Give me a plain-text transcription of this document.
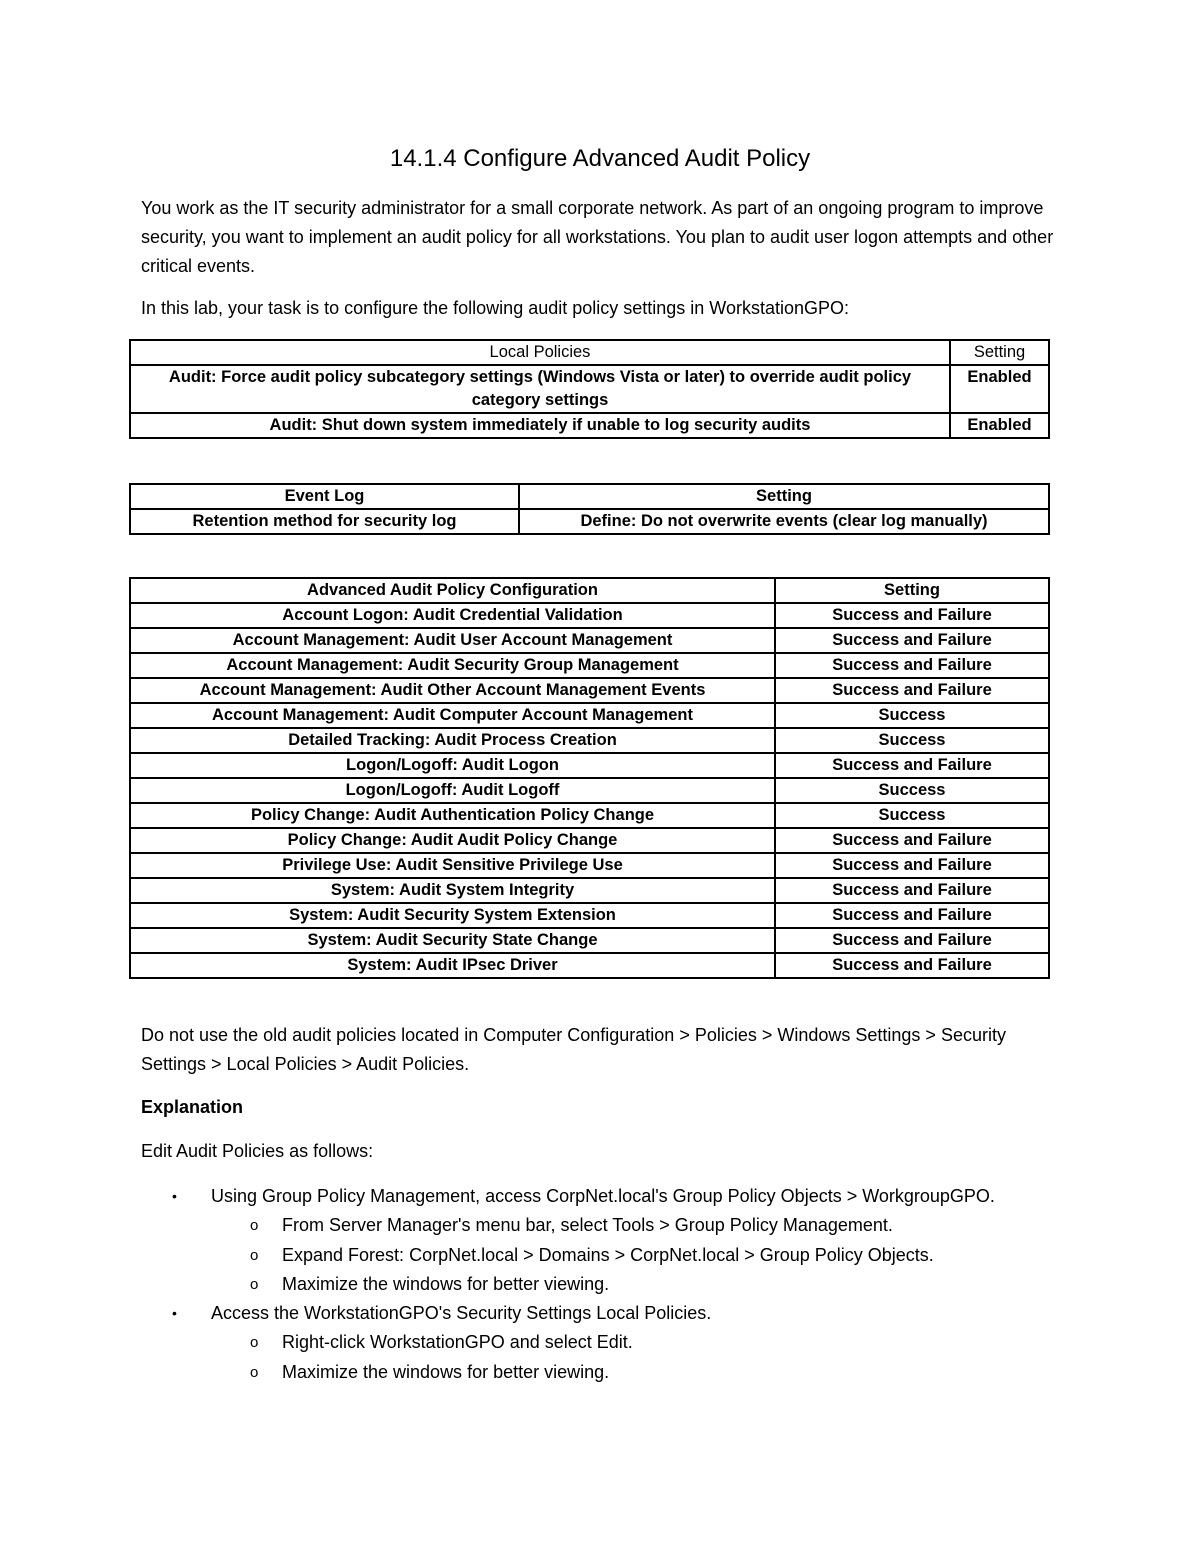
14.1.4 Configure Advanced Audit Policy
You work as the IT security administrator for a small corporate network. As part of an ongoing program to improve security, you want to implement an audit policy for all workstations. You plan to audit user logon attempts and other critical events.
In this lab, your task is to configure the following audit policy settings in WorkstationGPO:
Local Policies	Setting
Audit: Force audit policy subcategory settings (Windows Vista or later) to override audit policy category settings	Enabled
Audit: Shut down system immediately if unable to log security audits	Enabled
Event Log	Setting
Retention method for security log	Define: Do not overwrite events (clear log manually)
Advanced Audit Policy Configuration	Setting
Account Logon: Audit Credential Validation	Success and Failure
Account Management: Audit User Account Management	Success and Failure
Account Management: Audit Security Group Management	Success and Failure
Account Management: Audit Other Account Management Events	Success and Failure
Account Management: Audit Computer Account Management	Success
Detailed Tracking: Audit Process Creation	Success
Logon/Logoff: Audit Logon	Success and Failure
Logon/Logoff: Audit Logoff	Success
Policy Change: Audit Authentication Policy Change	Success
Policy Change: Audit Audit Policy Change	Success and Failure
Privilege Use: Audit Sensitive Privilege Use	Success and Failure
System: Audit System Integrity	Success and Failure
System: Audit Security System Extension	Success and Failure
System: Audit Security State Change	Success and Failure
System: Audit IPsec Driver	Success and Failure
Do not use the old audit policies located in Computer Configuration > Policies > Windows Settings > Security Settings > Local Policies > Audit Policies.
Explanation
Edit Audit Policies as follows:
• Using Group Policy Management, access CorpNet.local's Group Policy Objects > WorkgroupGPO.
o From Server Manager's menu bar, select Tools > Group Policy Management.
o Expand Forest: CorpNet.local > Domains > CorpNet.local > Group Policy Objects.
o Maximize the windows for better viewing.
• Access the WorkstationGPO's Security Settings Local Policies.
o Right-click WorkstationGPO and select Edit.
o Maximize the windows for better viewing.
